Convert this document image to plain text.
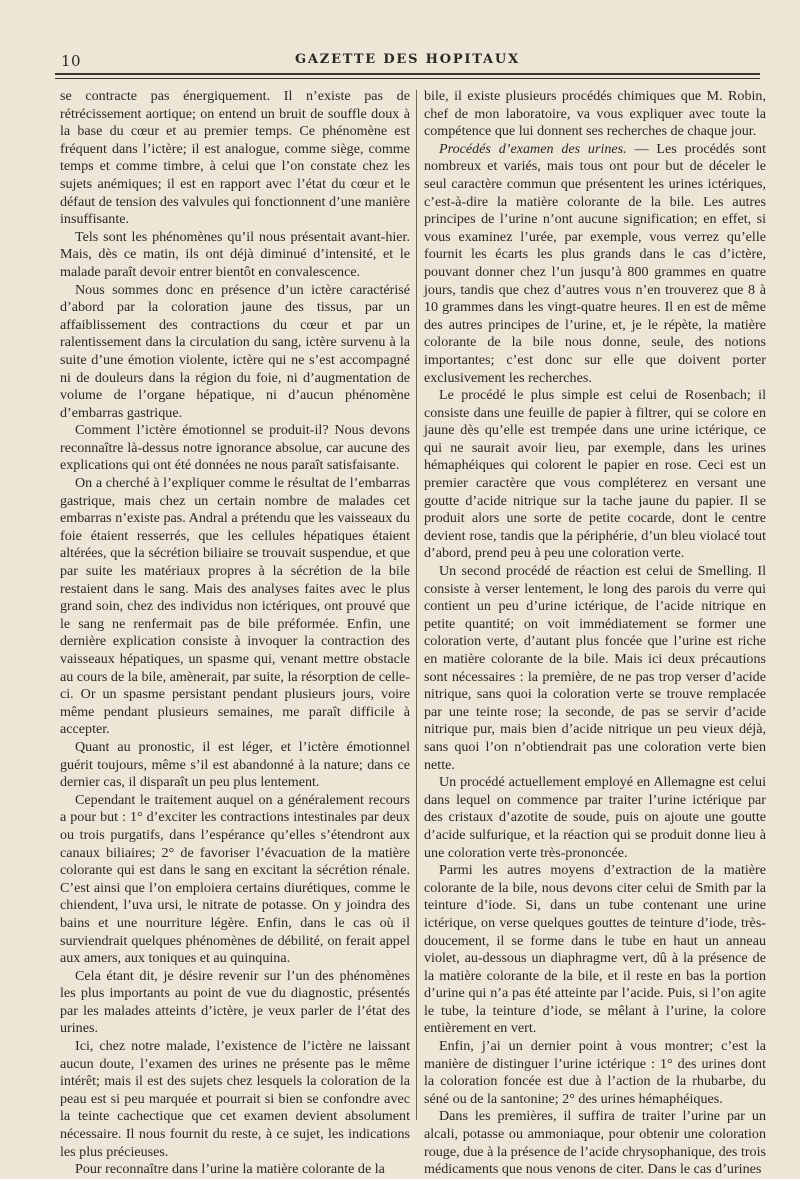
10	GAZETTE DES HOPITAUX

se contracte pas énergiquement. Il n’existe pas de rétrécissement aortique; on entend un bruit de souffle doux à la base du cœur et au premier temps. Ce phénomène est fréquent dans l’ictère; il est analogue, comme siège, comme temps et comme timbre, à celui que l’on constate chez les sujets anémiques; il est en rapport avec l’état du cœur et le défaut de tension des valvules qui fonctionnent d’une manière insuffisante.

Tels sont les phénomènes qu’il nous présentait avant-hier. Mais, dès ce matin, ils ont déjà diminué d’intensité, et le malade paraît devoir entrer bientôt en convalescence.

Nous sommes donc en présence d’un ictère caractérisé d’abord par la coloration jaune des tissus, par un affaiblissement des contractions du cœur et par un ralentissement dans la circulation du sang, ictère survenu à la suite d’une émotion violente, ictère qui ne s’est accompagné ni de douleurs dans la région du foie, ni d’augmentation de volume de l’organe hépatique, ni d’aucun phénomène d’embarras gastrique.

Comment l’ictère émotionnel se produit-il? Nous devons reconnaître là-dessus notre ignorance absolue, car aucune des explications qui ont été données ne nous paraît satisfaisante.

On a cherché à l’expliquer comme le résultat de l’embarras gastrique, mais chez un certain nombre de malades cet embarras n’existe pas. Andral a prétendu que les vaisseaux du foie étaient resserrés, que les cellules hépatiques étaient altérées, que la sécrétion biliaire se trouvait suspendue, et que par suite les matériaux propres à la sécrétion de la bile restaient dans le sang. Mais des analyses faites avec le plus grand soin, chez des individus non ictériques, ont prouvé que le sang ne renfermait pas de bile préformée. Enfin, une dernière explication consiste à invoquer la contraction des vaisseaux hépatiques, un spasme qui, venant mettre obstacle au cours de la bile, amènerait, par suite, la résorption de celle-ci. Or un spasme persistant pendant plusieurs jours, voire même pendant plusieurs semaines, me paraît difficile à accepter.

Quant au pronostic, il est léger, et l’ictère émotionnel guérit toujours, même s’il est abandonné à la nature; dans ce dernier cas, il disparaît un peu plus lentement.

Cependant le traitement auquel on a généralement recours a pour but : 1° d’exciter les contractions intestinales par deux ou trois purgatifs, dans l’espérance qu’elles s’étendront aux canaux biliaires; 2° de favoriser l’évacuation de la matière colorante qui est dans le sang en excitant la sécrétion rénale. C’est ainsi que l’on emploiera certains diurétiques, comme le chiendent, l’uva ursi, le nitrate de potasse. On y joindra des bains et une nourriture légère. Enfin, dans le cas où il surviendrait quelques phénomènes de débilité, on ferait appel aux amers, aux toniques et au quinquina.

Cela étant dit, je désire revenir sur l’un des phénomènes les plus importants au point de vue du diagnostic, présentés par les malades atteints d’ictère, je veux parler de l’état des urines.

Ici, chez notre malade, l’existence de l’ictère ne laissant aucun doute, l’examen des urines ne présente pas le même intérêt; mais il est des sujets chez lesquels la coloration de la peau est si peu marquée et pourrait si bien se confondre avec la teinte cachectique que cet examen devient absolument nécessaire. Il nous fournit du reste, à ce sujet, les indications les plus précieuses.

Pour reconnaître dans l’urine la matière colorante de la

bile, il existe plusieurs procédés chimiques que M. Robin, chef de mon laboratoire, va vous expliquer avec toute la compétence que lui donnent ses recherches de chaque jour.

Procédés d’examen des urines. — Les procédés sont nombreux et variés, mais tous ont pour but de déceler le seul caractère commun que présentent les urines ictériques, c’est-à-dire la matière colorante de la bile. Les autres principes de l’urine n’ont aucune signification; en effet, si vous examinez l’urée, par exemple, vous verrez qu’elle fournit les écarts les plus grands dans le cas d’ictère, pouvant donner chez l’un jusqu’à 800 grammes en quatre jours, tandis que chez d’autres vous n’en trouverez que 8 à 10 grammes dans les vingt-quatre heures. Il en est de même des autres principes de l’urine, et, je le répète, la matière colorante de la bile nous donne, seule, des notions importantes; c’est donc sur elle que doivent porter exclusivement les recherches.

Le procédé le plus simple est celui de Rosenbach; il consiste dans une feuille de papier à filtrer, qui se colore en jaune dès qu’elle est trempée dans une urine ictérique, ce qui ne saurait avoir lieu, par exemple, dans les urines hémaphéiques qui colorent le papier en rose. Ceci est un premier caractère que vous compléterez en versant une goutte d’acide nitrique sur la tache jaune du papier. Il se produit alors une sorte de petite cocarde, dont le centre devient rose, tandis que la périphérie, d’un bleu violacé tout d’abord, prend peu à peu une coloration verte.

Un second procédé de réaction est celui de Smelling. Il consiste à verser lentement, le long des parois du verre qui contient un peu d’urine ictérique, de l’acide nitrique en petite quantité; on voit immédiatement se former une coloration verte, d’autant plus foncée que l’urine est riche en matière colorante de la bile. Mais ici deux précautions sont nécessaires : la première, de ne pas trop verser d’acide nitrique, sans quoi la coloration verte se trouve remplacée par une teinte rose; la seconde, de pas se servir d’acide nitrique pur, mais bien d’acide nitrique un peu vieux déjà, sans quoi l’on n’obtiendrait pas une coloration verte bien nette.

Un procédé actuellement employé en Allemagne est celui dans lequel on commence par traiter l’urine ictérique par des cristaux d’azotite de soude, puis on ajoute une goutte d’acide sulfurique, et la réaction qui se produit donne lieu à une coloration verte très-prononcée.

Parmi les autres moyens d’extraction de la matière colorante de la bile, nous devons citer celui de Smith par la teinture d’iode. Si, dans un tube contenant une urine ictérique, on verse quelques gouttes de teinture d’iode, très-doucement, il se forme dans le tube en haut un anneau violet, au-dessous un diaphragme vert, dû à la présence de la matière colorante de la bile, et il reste en bas la portion d’urine qui n’a pas été atteinte par l’acide. Puis, si l’on agite le tube, la teinture d’iode, se mêlant à l’urine, la colore entièrement en vert.

Enfin, j’ai un dernier point à vous montrer; c’est la manière de distinguer l’urine ictérique : 1° des urines dont la coloration foncée est due à l’action de la rhubarbe, du séné ou de la santonine; 2° des urines hémaphéiques.

Dans les premières, il suffira de traiter l’urine par un alcali, potasse ou ammoniaque, pour obtenir une coloration rouge, due à la présence de l’acide chrysophanique, des trois médicaments que nous venons de citer. Dans le cas d’urines
